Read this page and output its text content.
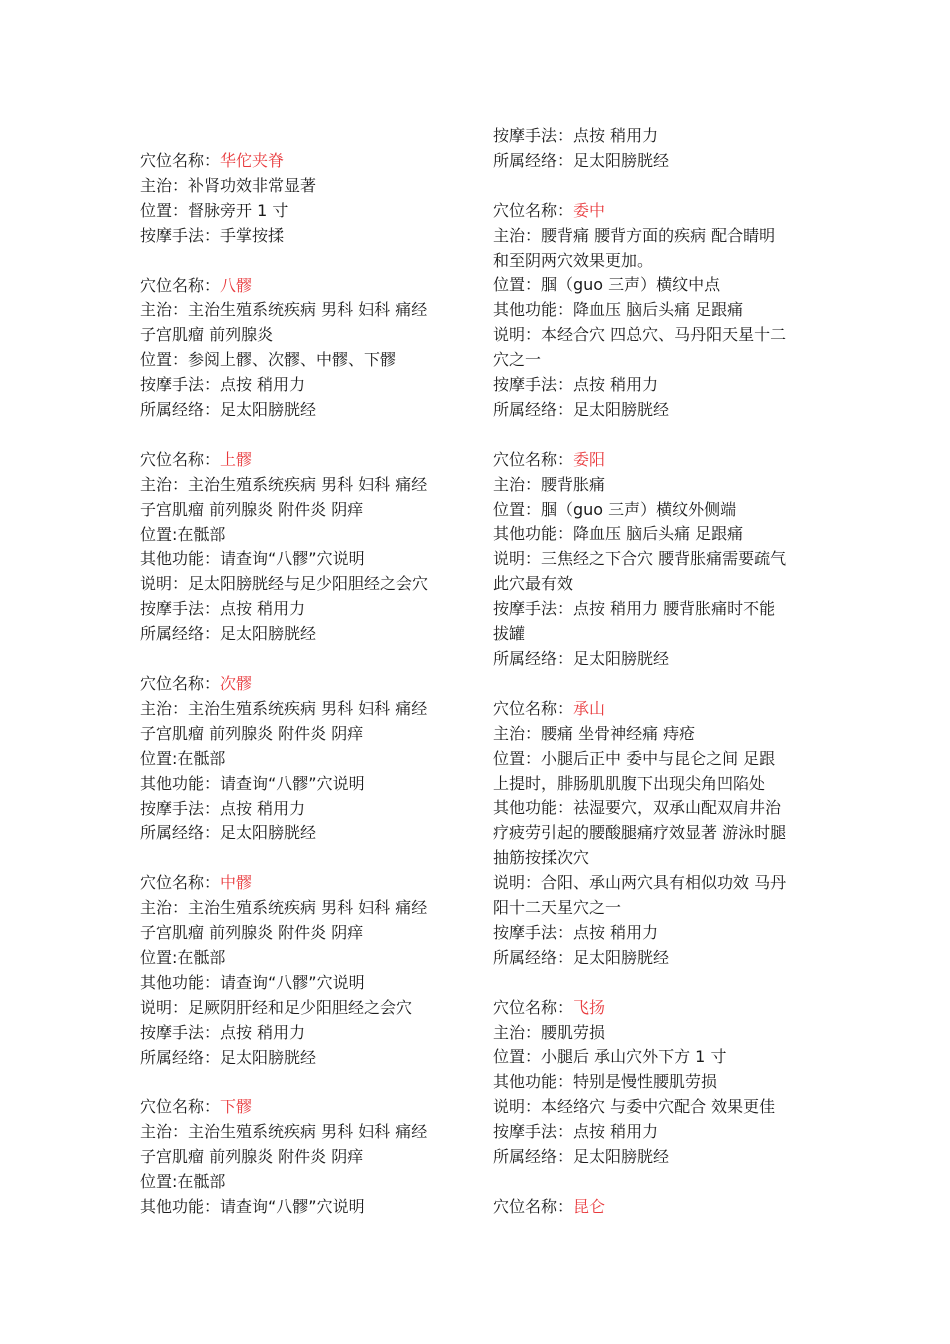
穴位名称：华佗夹脊
主治：补肾功效非常显著
位置：督脉旁开 1 寸
按摩手法：手掌按揉
穴位名称：八髎
主治：主治生殖系统疾病 男科 妇科 痛经
子宫肌瘤 前列腺炎
位置：参阅上髎、次髎、中髎、下髎
按摩手法：点按 稍用力
所属经络：足太阳膀胱经
穴位名称：上髎
主治：主治生殖系统疾病 男科 妇科 痛经
子宫肌瘤 前列腺炎 附件炎 阴痒
位置:在骶部
其他功能：请查询“八髎”穴说明
说明：足太阳膀胱经与足少阳胆经之会穴
按摩手法：点按 稍用力
所属经络：足太阳膀胱经
穴位名称：次髎
主治：主治生殖系统疾病 男科 妇科 痛经
子宫肌瘤 前列腺炎 附件炎 阴痒
位置:在骶部
其他功能：请查询“八髎”穴说明
按摩手法：点按 稍用力
所属经络：足太阳膀胱经
穴位名称：中髎
主治：主治生殖系统疾病 男科 妇科 痛经
子宫肌瘤 前列腺炎 附件炎 阴痒
位置:在骶部
其他功能：请查询“八髎”穴说明
说明：足厥阴肝经和足少阳胆经之会穴
按摩手法：点按 稍用力
所属经络：足太阳膀胱经
穴位名称：下髎
主治：主治生殖系统疾病 男科 妇科 痛经
子宫肌瘤 前列腺炎 附件炎 阴痒
位置:在骶部
其他功能：请查询“八髎”穴说明
按摩手法：点按 稍用力
所属经络：足太阳膀胱经
穴位名称：委中
主治：腰背痛 腰背方面的疾病 配合睛明
和至阴两穴效果更加。
位置：腘（guo 三声）横纹中点
其他功能：降血压 脑后头痛 足跟痛
说明：本经合穴 四总穴、马丹阳天星十二
穴之一
按摩手法：点按 稍用力
所属经络：足太阳膀胱经
穴位名称：委阳
主治：腰背胀痛
位置：腘（guo 三声）横纹外侧端
其他功能：降血压 脑后头痛 足跟痛
说明：三焦经之下合穴 腰背胀痛需要疏气
此穴最有效
按摩手法：点按 稍用力 腰背胀痛时不能
拔罐
所属经络：足太阳膀胱经
穴位名称：承山
主治：腰痛 坐骨神经痛 痔疮
位置：小腿后正中 委中与昆仑之间 足跟
上提时，腓肠肌肌腹下出现尖角凹陷处
其他功能：祛湿要穴，双承山配双肩井治
疗疲劳引起的腰酸腿痛疗效显著 游泳时腿
抽筋按揉次穴
说明：合阳、承山两穴具有相似功效 马丹
阳十二天星穴之一
按摩手法：点按 稍用力
所属经络：足太阳膀胱经
穴位名称：飞扬
主治：腰肌劳损
位置：小腿后 承山穴外下方 1 寸
其他功能：特别是慢性腰肌劳损
说明：本经络穴 与委中穴配合 效果更佳
按摩手法：点按 稍用力
所属经络：足太阳膀胱经
穴位名称：昆仑
